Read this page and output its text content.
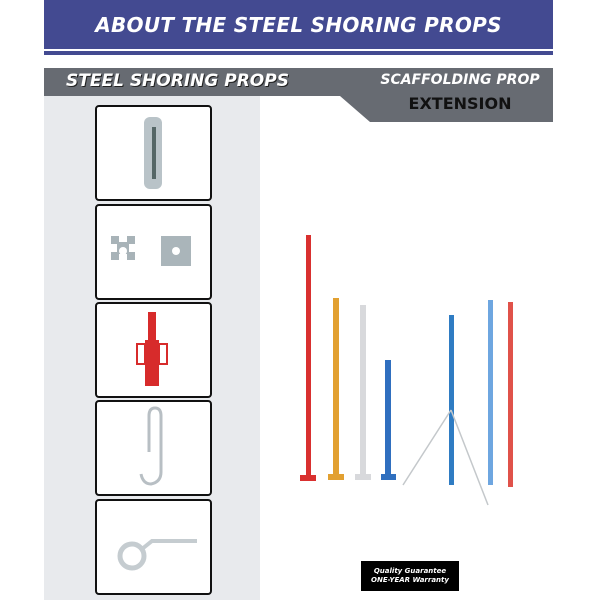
ABOUT THE STEEL SHORING PROPS
STEEL SHORING PROPS	SCAFFOLDING PROP
EXTENSION
Quality Guarantee
ONE-YEAR Warranty
